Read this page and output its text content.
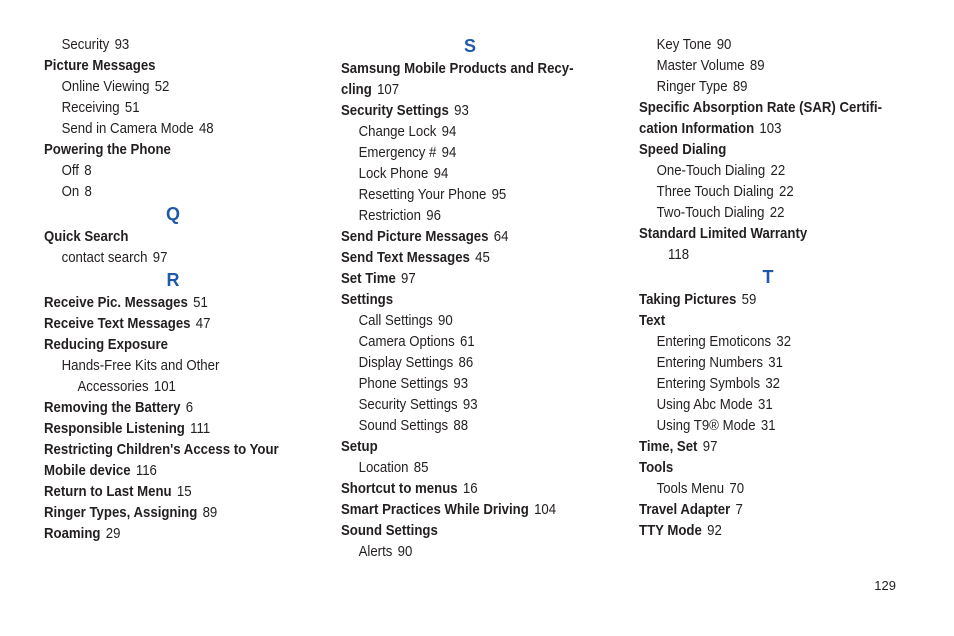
Security 93
Picture Messages
Online Viewing 52
Receiving 51
Send in Camera Mode 48
Powering the Phone
Off 8
On 8
Q
Quick Search
contact search 97
R
Receive Pic. Messages 51
Receive Text Messages 47
Reducing Exposure
Hands-Free Kits and Other
Accessories 101
Removing the Battery 6
Responsible Listening 111
Restricting Children's Access to Your
Mobile device 116
Return to Last Menu 15
Ringer Types, Assigning 89
Roaming 29
S
Samsung Mobile Products and Recy-
cling 107
Security Settings 93
Change Lock 94
Emergency # 94
Lock Phone 94
Resetting Your Phone 95
Restriction 96
Send Picture Messages 64
Send Text Messages 45
Set Time 97
Settings
Call Settings 90
Camera Options 61
Display Settings 86
Phone Settings 93
Security Settings 93
Sound Settings 88
Setup
Location 85
Shortcut to menus 16
Smart Practices While Driving 104
Sound Settings
Alerts 90
Key Tone 90
Master Volume 89
Ringer Type 89
Specific Absorption Rate (SAR) Certifi-
cation Information 103
Speed Dialing
One-Touch Dialing 22
Three Touch Dialing 22
Two-Touch Dialing 22
Standard Limited Warranty
118
T
Taking Pictures 59
Text
Entering Emoticons 32
Entering Numbers 31
Entering Symbols 32
Using Abc Mode 31
Using T9® Mode 31
Time, Set 97
Tools
Tools Menu 70
Travel Adapter 7
TTY Mode 92
129
